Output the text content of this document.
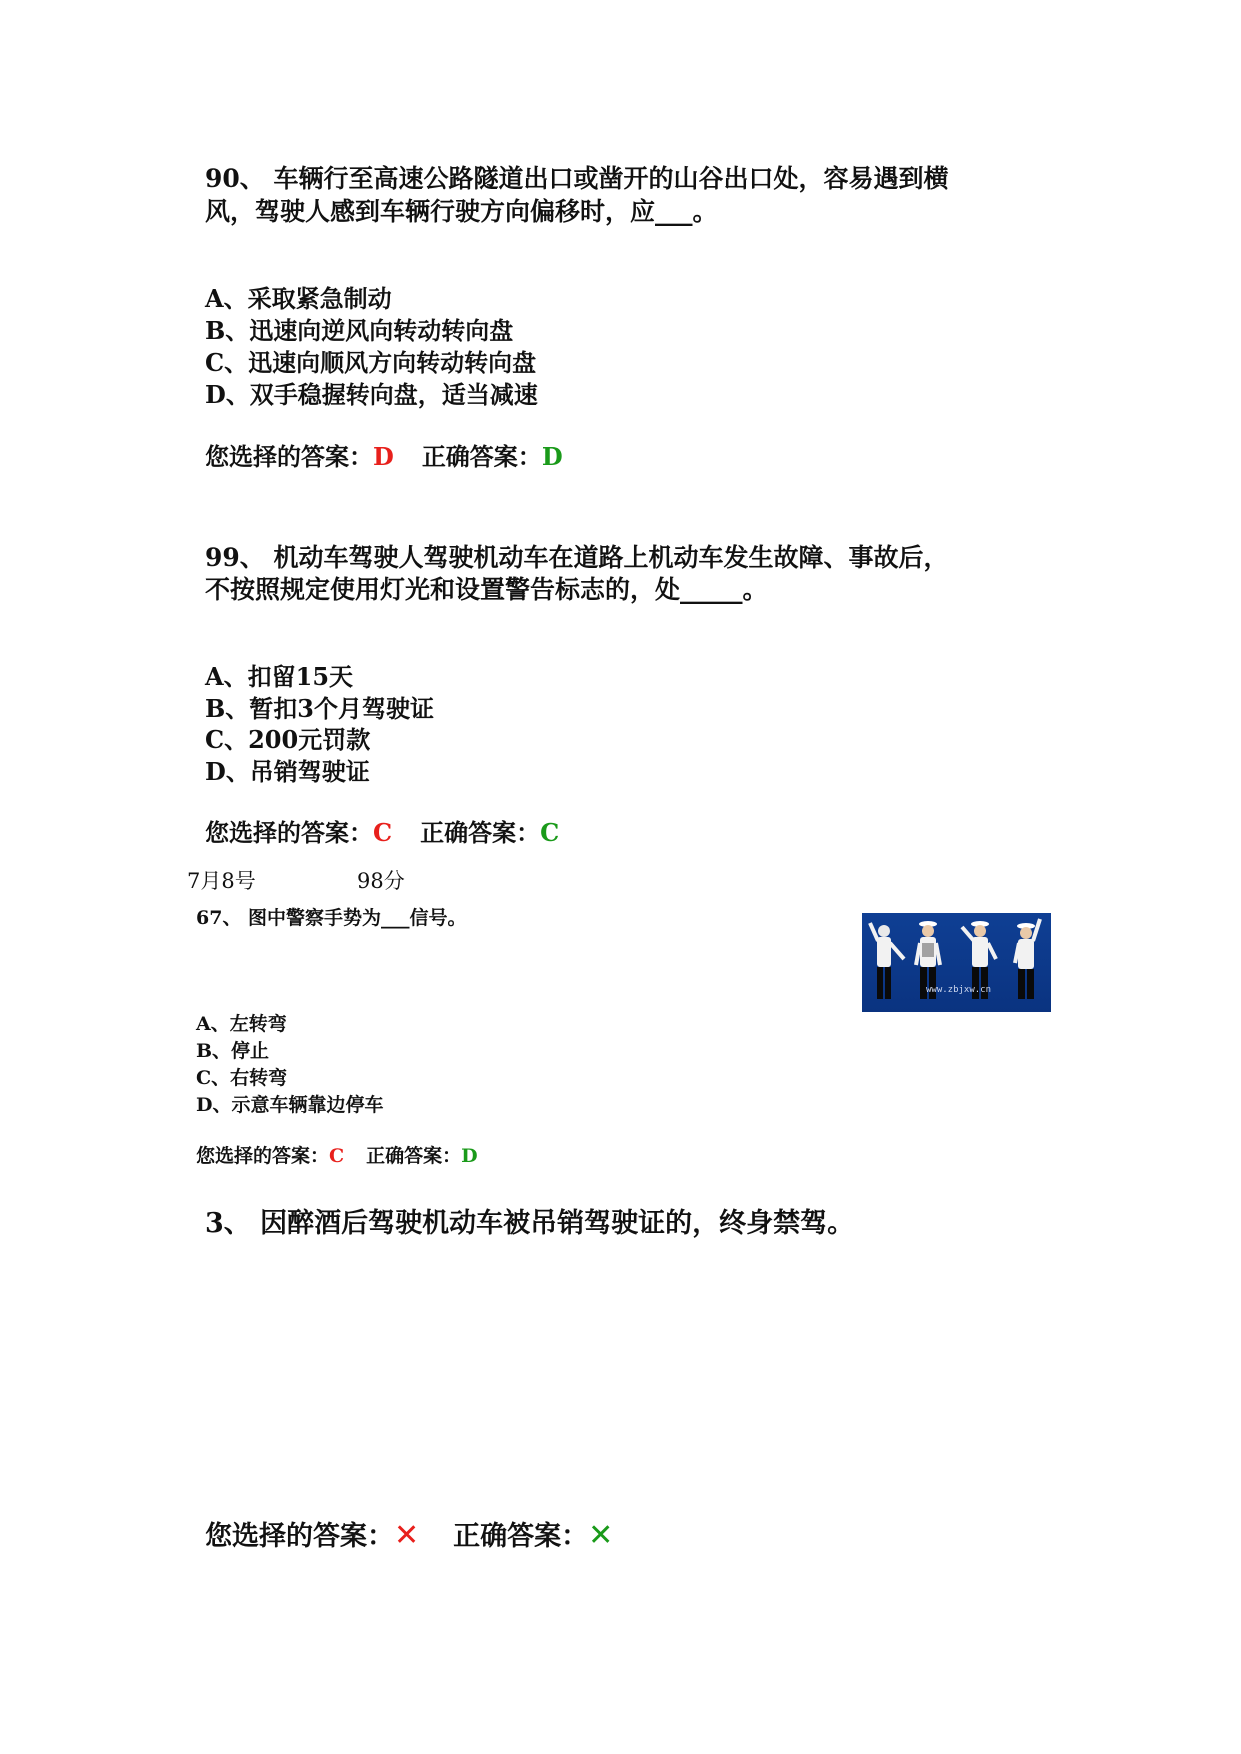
90、 车辆行至高速公路隧道出口或凿开的山谷出口处，容易遇到横
风，驾驶人感到车辆行驶方向偏移时，应___。
A、采取紧急制动
B、迅速向逆风向转动转向盘
C、迅速向顺风方向转动转向盘
D、双手稳握转向盘，适当减速
您选择的答案：D 正确答案：D
99、 机动车驾驶人驾驶机动车在道路上机动车发生故障、事故后，
不按照规定使用灯光和设置警告标志的，处_____。
A、扣留15天
B、暂扣3个月驾驶证
C、200元罚款
D、吊销驾驶证
您选择的答案：C 正确答案：C
7月8号	98分
67、 图中警察手势为___信号。
www.zbjxw.cn
A、左转弯
B、停止
C、右转弯
D、示意车辆靠边停车
您选择的答案：C 正确答案：D
3、 因醉酒后驾驶机动车被吊销驾驶证的，终身禁驾。
您选择的答案：✕ 正确答案：✕
